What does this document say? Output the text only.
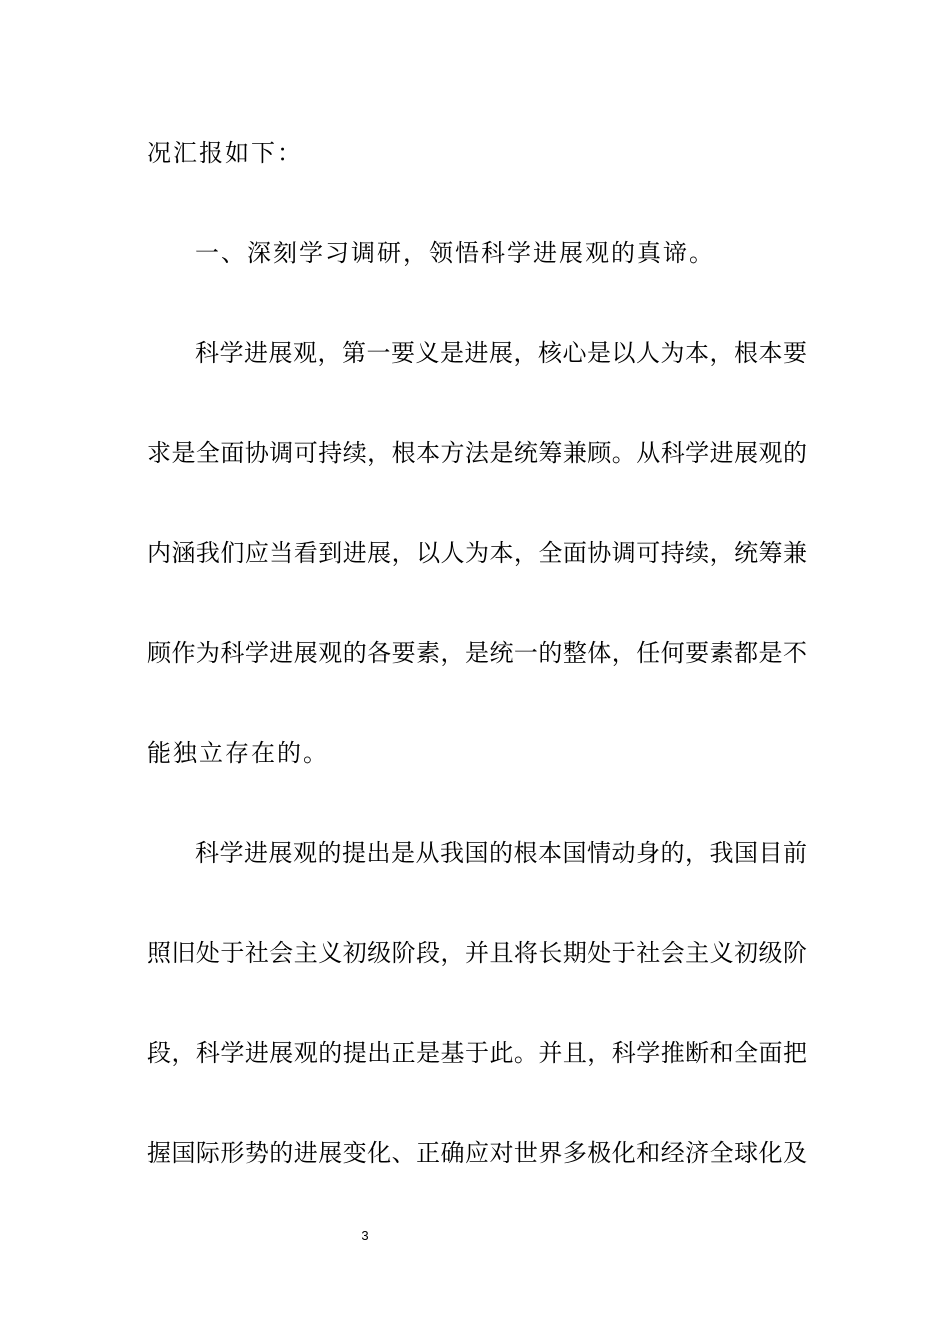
况汇报如下：
一、深刻学习调研，领悟科学进展观的真谛。
科学进展观，第一要义是进展，核心是以人为本，根本要
求是全面协调可持续，根本方法是统筹兼顾。从科学进展观的
内涵我们应当看到进展，以人为本，全面协调可持续，统筹兼
顾作为科学进展观的各要素，是统一的整体，任何要素都是不
能独立存在的。
科学进展观的提出是从我国的根本国情动身的，我国目前
照旧处于社会主义初级阶段，并且将长期处于社会主义初级阶
段，科学进展观的提出正是基于此。并且，科学推断和全面把
握国际形势的进展变化、正确应对世界多极化和经济全球化及
3
